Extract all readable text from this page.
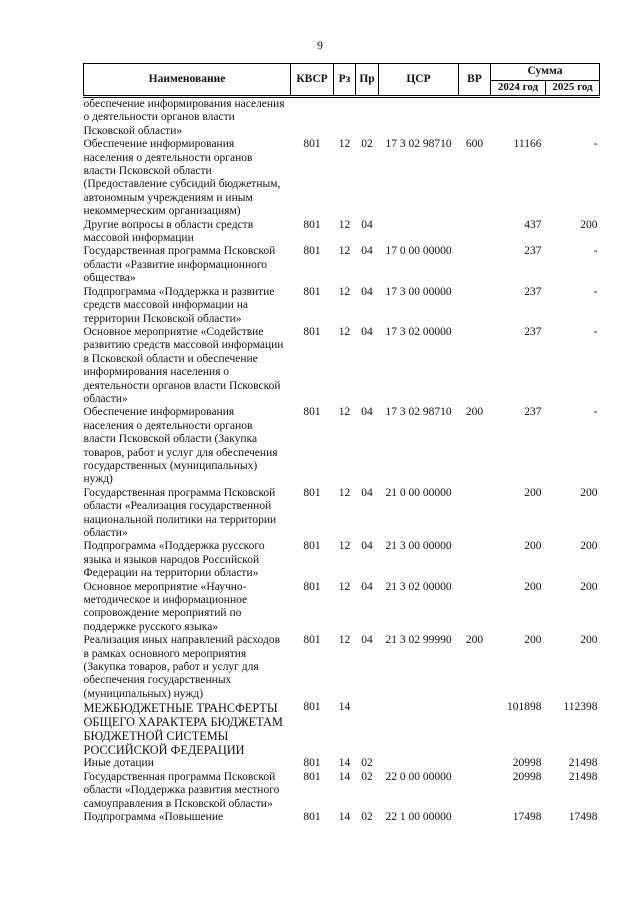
9
Наименование	КВСР	Рз	Пр	ЦСР	ВР	Сумма	
						2024 год	2025 год
обеспечение информирования населения о деятельности органов власти Псковской области»							
Обеспечение информирования населения о деятельности органов власти Псковской области (Предоставление субсидий бюджетным, автономным учреждениям и иным некоммерческим организациям)	801	12	02	17 3 02 98710	600	11166	-
Другие вопросы в области средств массовой информации	801	12	04			437	200
Государственная программа Псковской области «Развитие информационного общества»	801	12	04	17 0 00 00000		237	-
Подпрограмма «Поддержка и развитие средств массовой информации на территории Псковской области»	801	12	04	17 3 00 00000		237	-
Основное мероприятие «Содействие развитию средств массовой информации в Псковской области и обеспечение информирования населения о деятельности органов власти Псковской области»	801	12	04	17 3 02 00000		237	-
Обеспечение информирования населения о деятельности органов власти Псковской области (Закупка товаров, работ и услуг для обеспечения государственных (муниципальных) нужд)	801	12	04	17 3 02 98710	200	237	-
Государственная программа Псковской области «Реализация государственной национальной политики на территории области»	801	12	04	21 0 00 00000		200	200
Подпрограмма «Поддержка русского языка и языков народов Российской Федерации на территории области»	801	12	04	21 3 00 00000		200	200
Основное мероприятие «Научно-методическое и информационное сопровождение мероприятий по поддержке русского языка»	801	12	04	21 3 02 00000		200	200
Реализация иных направлений расходов в рамках основного мероприятия (Закупка товаров, работ и услуг для обеспечения государственных (муниципальных) нужд)	801	12	04	21 3 02 99990	200	200	200
МЕЖБЮДЖЕТНЫЕ ТРАНСФЕРТЫ ОБЩЕГО ХАРАКТЕРА БЮДЖЕТАМ БЮДЖЕТНОЙ СИСТЕМЫ РОССИЙСКОЙ ФЕДЕРАЦИИ	801	14				101898	112398
Иные дотации	801	14	02			20998	21498
Государственная программа Псковской области «Поддержка развития местного самоуправления в Псковской области»	801	14	02	22 0 00 00000		20998	21498
Подпрограмма «Повышение	801	14	02	22 1 00 00000		17498	17498
